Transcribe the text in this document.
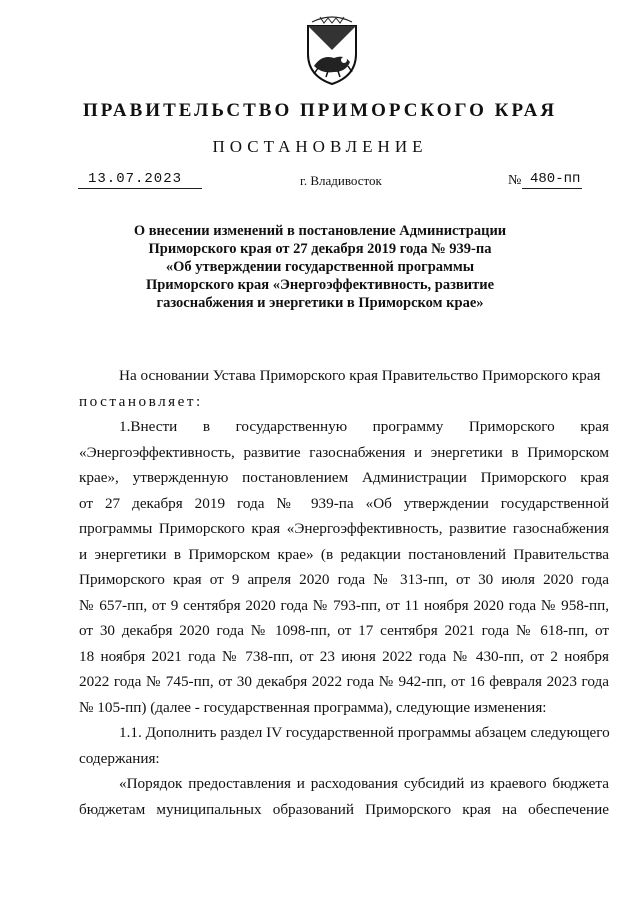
ПРАВИТЕЛЬСТВО ПРИМОРСКОГО КРАЯ
ПОСТАНОВЛЕНИЕ
13.07.2023	г. Владивосток	№ 480-пп
О внесении изменений в постановление Администрации
Приморского края от 27 декабря 2019 года № 939-па
«Об утверждении государственной программы
Приморского края «Энергоэффективность, развитие
газоснабжения и энергетики в Приморском крае»
На основании Устава Приморского края Правительство Приморского края
постановляет:
1.Внести в государственную программу Приморского края
«Энергоэффективность, развитие газоснабжения и энергетики в Приморском
крае», утвержденную постановлением Администрации Приморского края
от 27 декабря 2019 года № 939-па «Об утверждении государственной
программы Приморского края «Энергоэффективность, развитие газоснабжения
и энергетики в Приморском крае» (в редакции постановлений Правительства
Приморского края от 9 апреля 2020 года № 313-пп, от 30 июля 2020 года
№ 657-пп, от 9 сентября 2020 года № 793-пп, от 11 ноября 2020 года № 958-пп,
от 30 декабря 2020 года № 1098-пп, от 17 сентября 2021 года № 618-пп, от
18 ноября 2021 года № 738-пп, от 23 июня 2022 года № 430-пп, от 2 ноября
2022 года № 745-пп, от 30 декабря 2022 года № 942-пп, от 16 февраля 2023 года
№ 105-пп) (далее - государственная программа), следующие изменения:
1.1. Дополнить раздел IV государственной программы абзацем следующего
содержания:
«Порядок предоставления и расходования субсидий из краевого бюджета
бюджетам муниципальных образований Приморского края на обеспечение
